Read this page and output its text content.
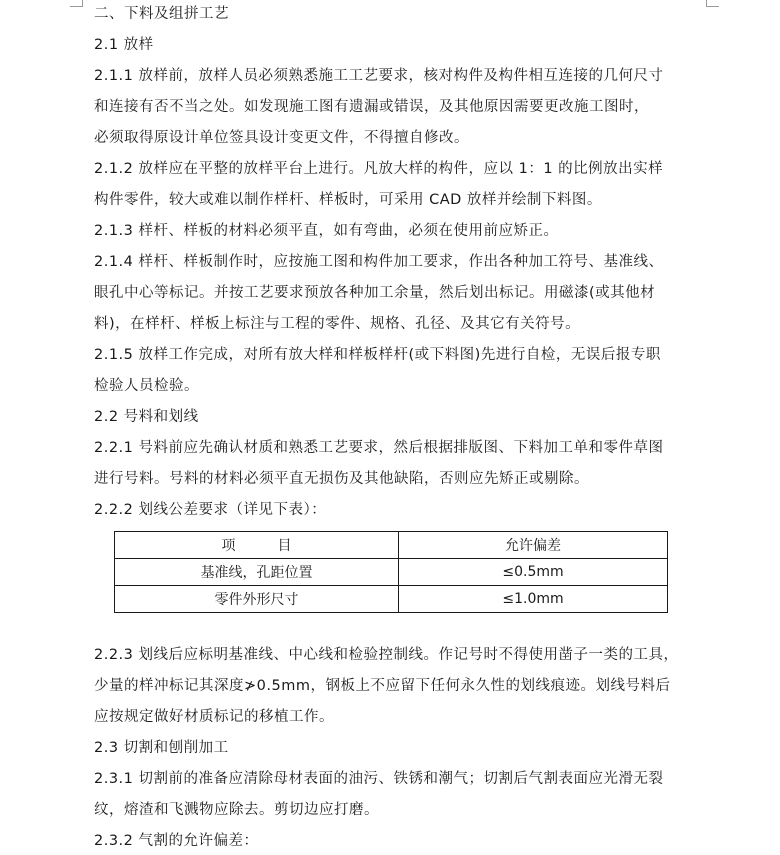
二、下料及组拼工艺
2.1 放样
2.1.1 放样前，放样人员必须熟悉施工工艺要求，核对构件及构件相互连接的几何尺寸
和连接有否不当之处。如发现施工图有遗漏或错误，及其他原因需要更改施工图时，
必须取得原设计单位签具设计变更文件，不得擅自修改。
2.1.2 放样应在平整的放样平台上进行。凡放大样的构件，应以 1：1 的比例放出实样
构件零件，较大或难以制作样杆、样板时，可采用 CAD 放样并绘制下料图。
2.1.3 样杆、样板的材料必须平直，如有弯曲，必须在使用前应矫正。
2.1.4 样杆、样板制作时，应按施工图和构件加工要求，作出各种加工符号、基准线、
眼孔中心等标记。并按工艺要求预放各种加工余量，然后划出标记。用磁漆(或其他材
料)，在样杆、样板上标注与工程的零件、规格、孔径、及其它有关符号。
2.1.5 放样工作完成，对所有放大样和样板样杆(或下料图)先进行自检，无误后报专职
检验人员检验。
2.2 号料和划线
2.2.1 号料前应先确认材质和熟悉工艺要求，然后根据排版图、下料加工单和零件草图
进行号料。号料的材料必须平直无损伤及其他缺陷，否则应先矫正或剔除。
2.2.2 划线公差要求（详见下表）：
项　　　目	允许偏差
基准线，孔距位置	≤0.5mm
零件外形尺寸	≤1.0mm
2.2.3 划线后应标明基准线、中心线和检验控制线。作记号时不得使用凿子一类的工具，
少量的样冲标记其深度≯0.5mm，钢板上不应留下任何永久性的划线痕迹。划线号料后
应按规定做好材质标记的移植工作。
2.3 切割和刨削加工
2.3.1 切割前的准备应清除母材表面的油污、铁锈和潮气；切割后气割表面应光滑无裂
纹，熔渣和飞溅物应除去。剪切边应打磨。
2.3.2 气割的允许偏差：
